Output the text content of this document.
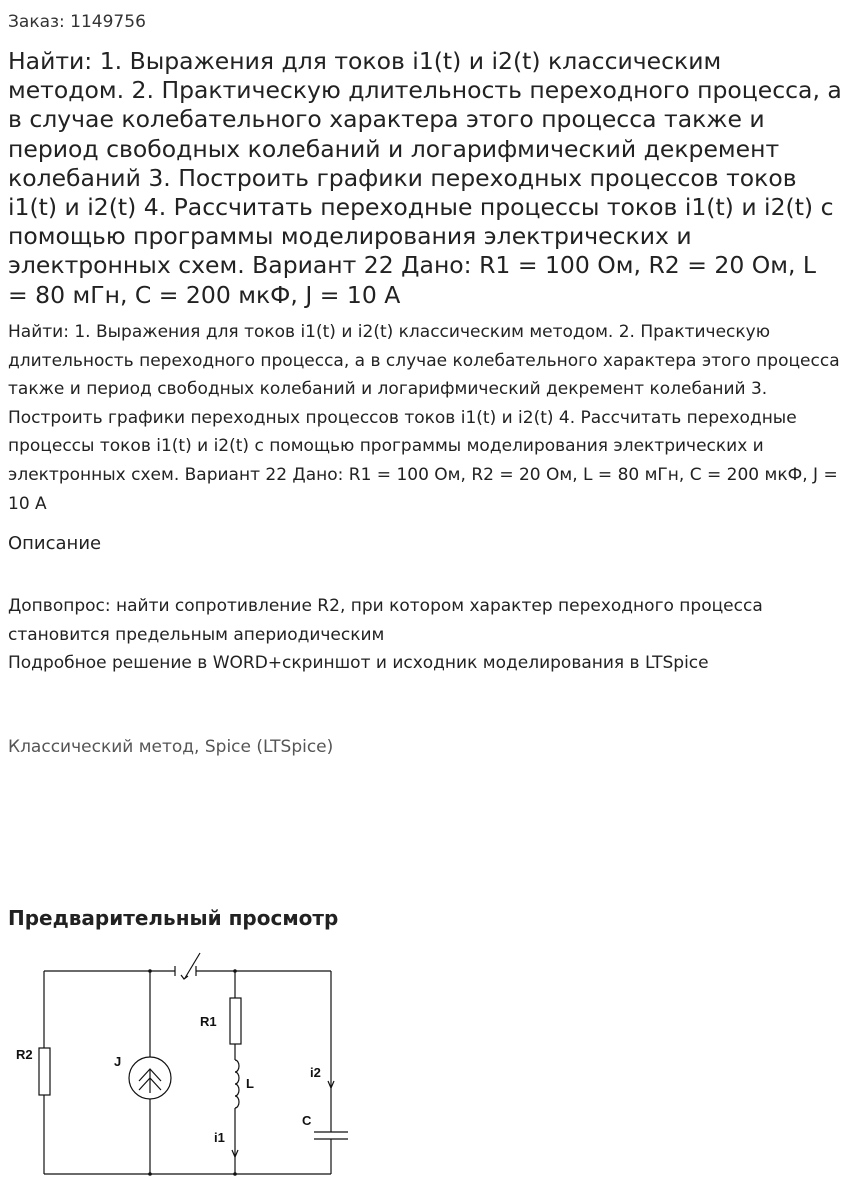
Заказ: 1149756
Найти: 1. Выражения для токов i1(t) и i2(t) классическим методом. 2. Практическую длительность переходного процесса, а в случае колебательного характера этого процесса также и период свободных колебаний и логарифмический декремент колебаний 3. Построить графики переходных процессов токов i1(t) и i2(t) 4. Рассчитать переходные процессы токов i1(t) и i2(t) с помощью программы моделирования электрических и электронных схем. Вариант 22 Дано: R1 = 100 Ом, R2 = 20 Ом, L = 80 мГн, C = 200 мкФ, J = 10 А

Найти: 1. Выражения для токов i1(t) и i2(t) классическим методом. 2. Практическую длительность переходного процесса, а в случае колебательного характера этого процесса также и период свободных колебаний и логарифмический декремент колебаний 3. Построить графики переходных процессов токов i1(t) и i2(t) 4. Рассчитать переходные процессы токов i1(t) и i2(t) с помощью программы моделирования электрических и электронных схем. Вариант 22 Дано: R1 = 100 Ом, R2 = 20 Ом, L = 80 мГн, C = 200 мкФ, J = 10 А

Описание
Допвопрос: найти сопротивление R2, при котором характер переходного процесса
становится предельным апериодическим
Подробное решение в WORD+скриншот и исходник моделирования в LTSpice
Классический метод, Spice (LTSpice)
Предварительный просмотр
R2	J
R1
L
i1
i2
C
